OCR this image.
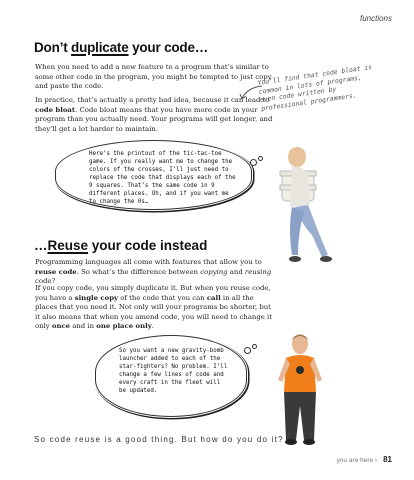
functions
Don’t duplicate your code…
When you need to add a new feature to a program that’s similar to some other code in the program, you might be tempted to just copy and paste the code.
In practice, that’s actually a pretty bad idea, because it can lead to code bloat. Code bloat means that you have more code in your program than you actually need. Your programs will get longer, and they’ll get a lot harder to maintain.
You’ll find that code bloat is common in lots of programs, even code written by professional programmers.
Here’s the printout of the tic-tac-toe game. If you really want me to change the colors of the crosses, I’ll just need to replace the code that displays each of the 9 squares. That’s the same code in 9 different places. Oh, and if you want me to change the 0s…
…Reuse your code instead
Programming languages all come with features that allow you to reuse code. So what’s the difference between copying and reusing code?
If you copy code, you simply duplicate it. But when you reuse code, you have a single copy of the code that you can call in all the places that you need it. Not only will your programs be shorter, but it also means that when you amend code, you will need to change it only once and in one place only.
So you want a new gravity-bomb launcher added to each of the star-fighters? No problem. I’ll change a few lines of code and every craft in the fleet will be updated.
So code reuse is a good thing. But how do you do it?
you are here › 81
